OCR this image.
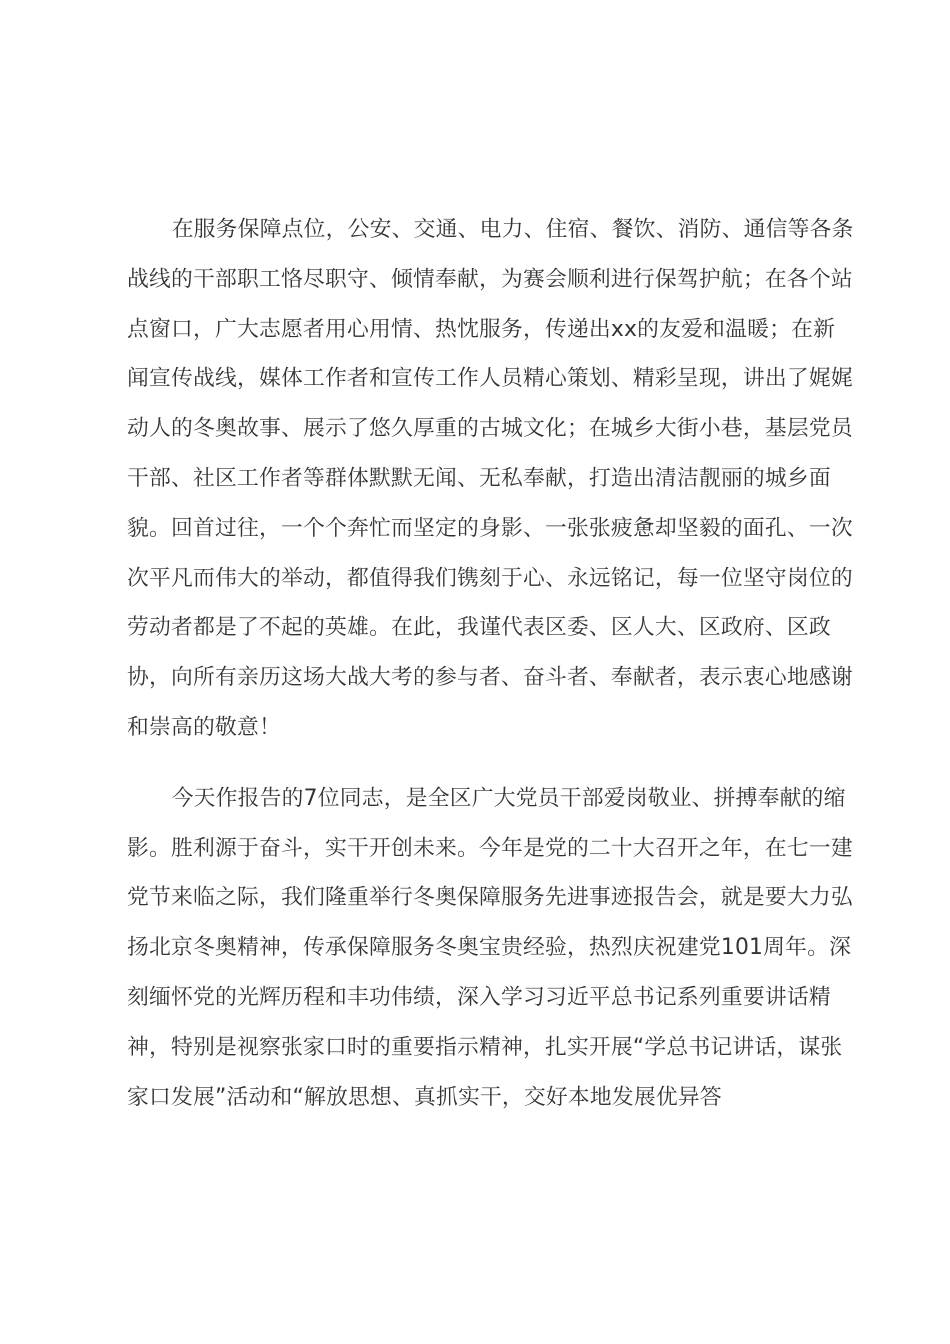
在服务保障点位，公安、交通、电力、住宿、餐饮、消防、通信等各条战线的干部职工恪尽职守、倾情奉献，为赛会顺利进行保驾护航；在各个站点窗口，广大志愿者用心用情、热忱服务，传递出xx的友爱和温暖；在新闻宣传战线，媒体工作者和宣传工作人员精心策划、精彩呈现，讲出了娓娓动人的冬奥故事、展示了悠久厚重的古城文化；在城乡大街小巷，基层党员干部、社区工作者等群体默默无闻、无私奉献，打造出清洁靓丽的城乡面貌。回首过往，一个个奔忙而坚定的身影、一张张疲惫却坚毅的面孔、一次次平凡而伟大的举动，都值得我们镌刻于心、永远铭记，每一位坚守岗位的劳动者都是了不起的英雄。在此，我谨代表区委、区人大、区政府、区政协，向所有亲历这场大战大考的参与者、奋斗者、奉献者，表示衷心地感谢和崇高的敬意！

今天作报告的7位同志，是全区广大党员干部爱岗敬业、拼搏奉献的缩影。胜利源于奋斗，实干开创未来。今年是党的二十大召开之年，在七一建党节来临之际，我们隆重举行冬奥保障服务先进事迹报告会，就是要大力弘扬北京冬奥精神，传承保障服务冬奥宝贵经验，热烈庆祝建党101周年。深刻缅怀党的光辉历程和丰功伟绩，深入学习习近平总书记系列重要讲话精神，特别是视察张家口时的重要指示精神，扎实开展“学总书记讲话，谋张家口发展”活动和“解放思想、真抓实干，交好本地发展优异答
